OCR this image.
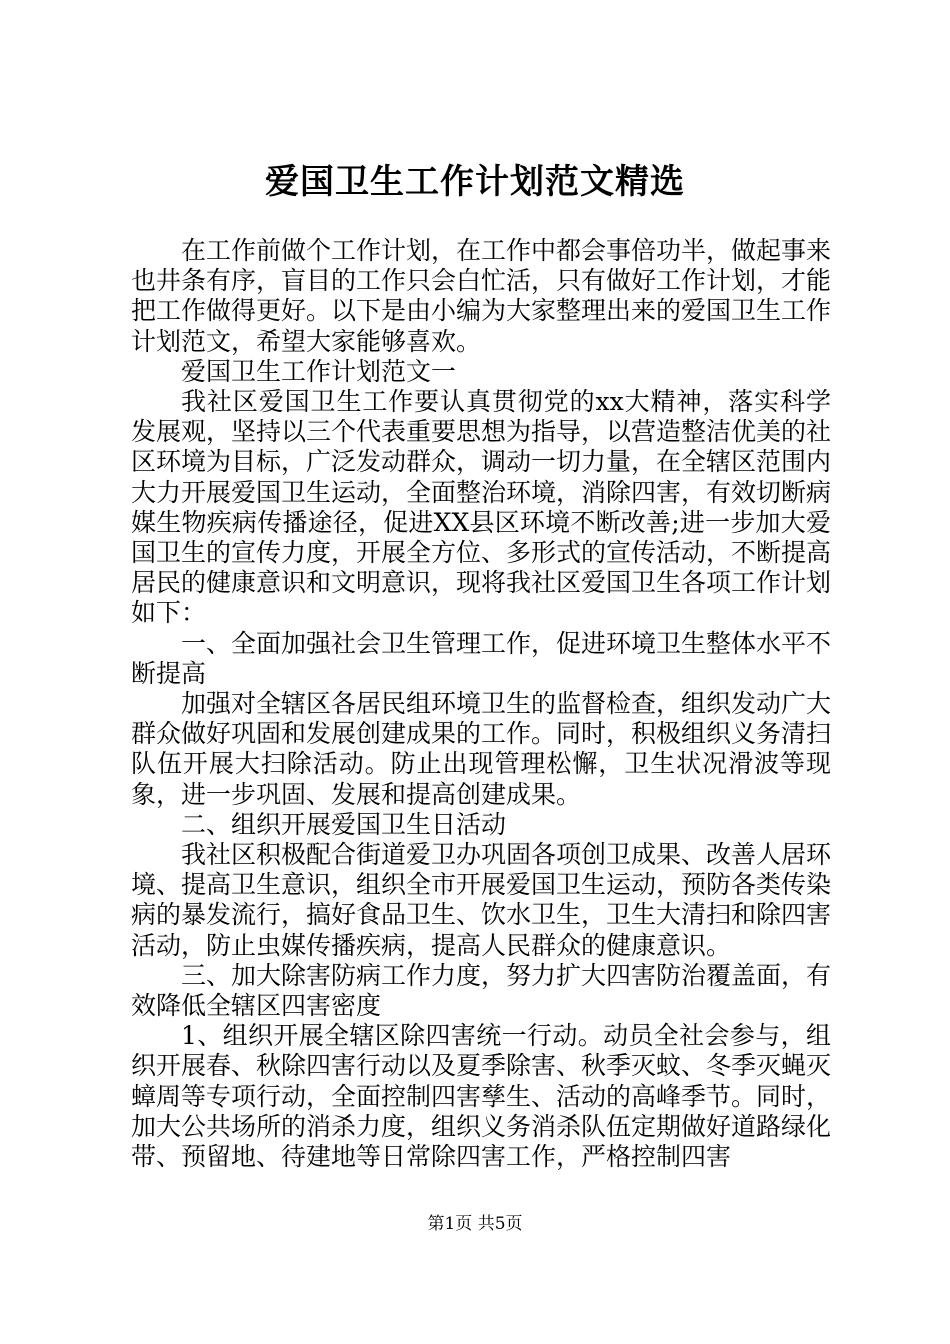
爱国卫生工作计划范文精选

在工作前做个工作计划，在工作中都会事倍功半，做起事来也井条有序，盲目的工作只会白忙活，只有做好工作计划，才能把工作做得更好。以下是由小编为大家整理出来的爱国卫生工作计划范文，希望大家能够喜欢。

爱国卫生工作计划范文一

我社区爱国卫生工作要认真贯彻党的xx大精神，落实科学发展观，坚持以三个代表重要思想为指导，以营造整洁优美的社区环境为目标，广泛发动群众，调动一切力量，在全辖区范围内大力开展爱国卫生运动，全面整治环境，消除四害，有效切断病媒生物疾病传播途径，促进XX县区环境不断改善;进一步加大爱国卫生的宣传力度，开展全方位、多形式的宣传活动，不断提高居民的健康意识和文明意识，现将我社区爱国卫生各项工作计划如下：

一、全面加强社会卫生管理工作，促进环境卫生整体水平不断提高

加强对全辖区各居民组环境卫生的监督检查，组织发动广大群众做好巩固和发展创建成果的工作。同时，积极组织义务清扫队伍开展大扫除活动。防止出现管理松懈，卫生状况滑波等现象，进一步巩固、发展和提高创建成果。

二、组织开展爱国卫生日活动

我社区积极配合街道爱卫办巩固各项创卫成果、改善人居环境、提高卫生意识，组织全市开展爱国卫生运动，预防各类传染病的暴发流行，搞好食品卫生、饮水卫生，卫生大清扫和除四害活动，防止虫媒传播疾病，提高人民群众的健康意识。

三、加大除害防病工作力度，努力扩大四害防治覆盖面，有效降低全辖区四害密度

1、组织开展全辖区除四害统一行动。动员全社会参与，组织开展春、秋除四害行动以及夏季除害、秋季灭蚊、冬季灭蝇灭蟑周等专项行动，全面控制四害孳生、活动的高峰季节。同时，加大公共场所的消杀力度，组织义务消杀队伍定期做好道路绿化带、预留地、待建地等日常除四害工作，严格控制四害

第1页 共5页
